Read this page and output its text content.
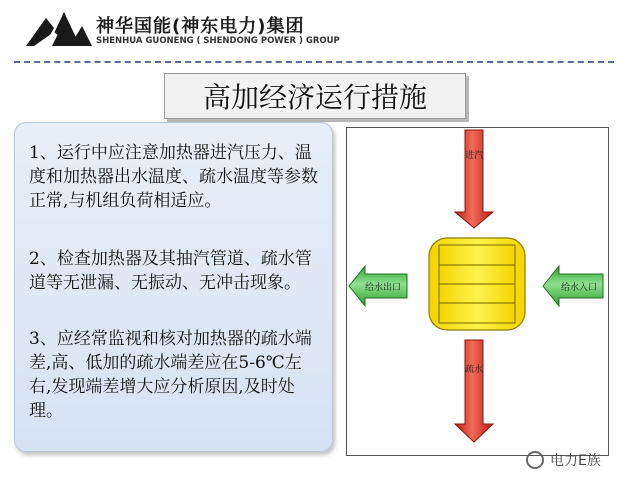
神华国能(神东电力)集团
SHENHUA GUONENG ( SHENDONG POWER ) GROUP
高加经济运行措施

1、运行中应注意加热器进汽压力、温度和加热器出水温度、疏水温度等参数正常,与机组负荷相适应。

2、检查加热器及其抽汽管道、疏水管道等无泄漏、无振动、无冲击现象。

3、应经常监视和核对加热器的疏水端差,高、低加的疏水端差应在5-6℃左右,发现端差增大应分析原因,及时处理。

进汽
疏水
给水出口	给水入口
电力E族
